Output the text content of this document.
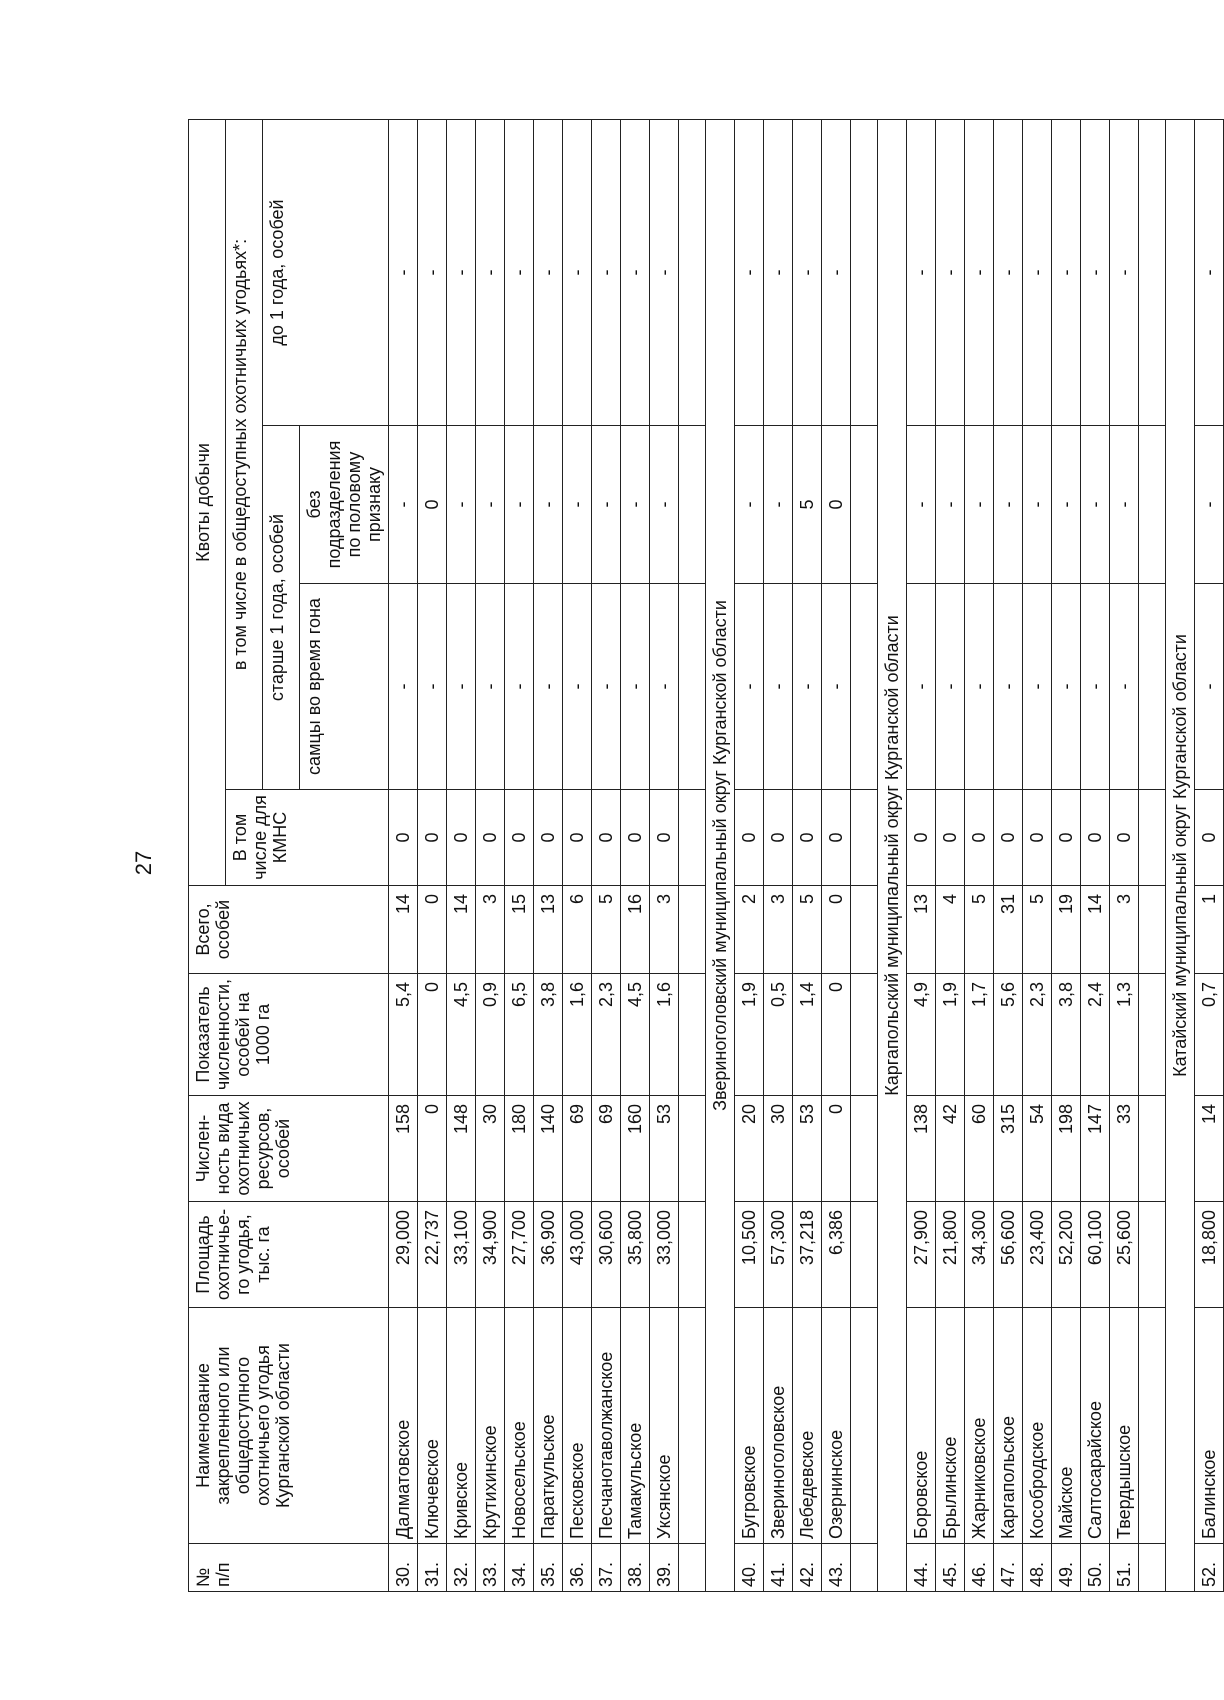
27
№ п/п	Наименование закрепленного или общедоступного охотничьего угодья Курганской области	Площадь охотничье-го угодья, тыс. га	Числен-ность вида охотничьих ресурсов, особей	Показатель численности, особей на 1000 га	Всего, особей	Квоты добычи			
						В том числе для КМНС	в том числе в общедоступных охотничьих угодьях*:		
							старше 1 года, особей		до 1 года, особей
							самцы во время гона	без подразделения по половому признаку	
30.	Далматовское	29,000	158	5,4	14	0	-	-	-
31.	Ключевское	22,737	0	0	0	0	-	0	-
32.	Кривское	33,100	148	4,5	14	0	-	-	-
33.	Крутихинское	34,900	30	0,9	3	0	-	-	-
34.	Новосельское	27,700	180	6,5	15	0	-	-	-
35.	Параткульское	36,900	140	3,8	13	0	-	-	-
36.	Песковское	43,000	69	1,6	6	0	-	-	-
37.	Песчанотаволжанское	30,600	69	2,3	5	0	-	-	-
38.	Тамакульское	35,800	160	4,5	16	0	-	-	-
39.	Уксянское	33,000	53	1,6	3	0	-	-	-

Звериноголовский муниципальный округ Курганской области									
40.	Бугровское	10,500	20	1,9	2	0	-	-	-
41.	Звериноголовское	57,300	30	0,5	3	0	-	-	-
42.	Лебедевское	37,218	53	1,4	5	0	-	5	-
43.	Озернинское	6,386	0	0	0	0	-	0	-

Каргапольский муниципальный округ Курганской области									
44.	Боровское	27,900	138	4,9	13	0	-	-	-
45.	Брылинское	21,800	42	1,9	4	0	-	-	-
46.	Жарниковское	34,300	60	1,7	5	0	-	-	-
47.	Каргапольское	56,600	315	5,6	31	0	-	-	-
48.	Кособродское	23,400	54	2,3	5	0	-	-	-
49.	Майское	52,200	198	3,8	19	0	-	-	-
50.	Салтосарайское	60,100	147	2,4	14	0	-	-	-
51.	Твердышское	25,600	33	1,3	3	0	-	-	-

Катайский муниципальный округ Курганской области									
52.	Балинское	18,800	14	0,7	1	0	-	-	-
